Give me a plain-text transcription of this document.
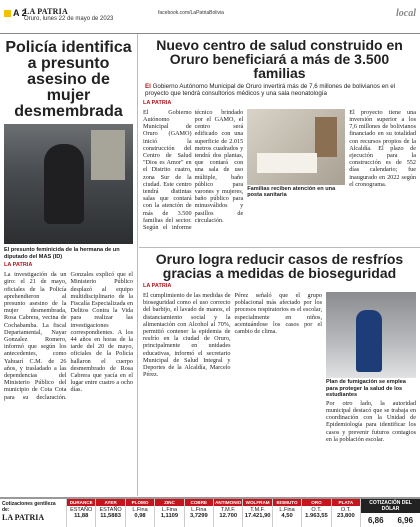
A 2
LA PATRIA
Oruro, lunes 22 de mayo de 2023
facebook.com/LaPatriaBolivia	local
Policía identifica a presunto asesino de mujer desmembrada
El presunto feminicida de la hermana de un diputado del MAS (ID)
LA PATRIA
La investigación da un giro: el 21 de mayo, oficiales de la Policía aprehendieron al presunto asesino de la mujer desmembrada, Rosa Cabrera, vecina de Cochabamba. La fiscal Departamental, Nayar Gonzalez Romero, informó que según los antecedentes, como Yahuarí C.M. de 26 años, y trasladado a las dependencias del Ministerio Público del municipio de Cota Cota para su declaración. Gonzales explicó que el Ministerio Público desplazó al equipo multidisciplinario de la Fiscalía Especializada en Delitos Contra la Vida para realizar las investigaciones correspondientes. A los 44 años en horas de la tarde del 20 de mayo, oficiales de la Policía hallaron el cuerpo desmembrado de Rosa Cabrera que yacía en el lugar entre cuatro a ocho días.
Nuevo centro de salud construido en Oruro beneficiará a más de 3.500 familias
El Gobierno Autónomo Municipal de Oruro invertirá más de 7,6 millones de bolivianos en el proyecto que tendrá consultorios médicos y una sala neonatología
LA PATRIA
El Gobierno Autónomo Municipal de Oruro (GAMO) inició la construcción del Centro de Salud "Dios es Amor" en el Distrito cuatro, zona Sur de la ciudad. Este centro tendrá distintas salas que contará con la atención de más de 3.500 familias del sector. Según el informe técnico brindado por el GAMO, el centro será edificado con una superficie de 2.015 metros cuadrados y tendrá dos plantas, que contará con una sala de uso múltiple, baño público para varones y mujeres, baño público para minusválidos y pasillos de circulación.
Familias reciben atención en una posta sanitaria
El proyecto tiene una inversión superior a los 7,6 millones de bolivianos financiado en su totalidad con recursos propios de la Alcaldía. El plazo de ejecución para la construcción es de 552 días calendario; fue inaugurado en 2022 según el cronograma.
Oruro logra reducir casos de resfríos gracias a medidas de bioseguridad
LA PATRIA
El cumplimiento de las medidas de bioseguridad como el uso correcto del barbijo, el lavado de manos, el distanciamiento social y la alimentación con Alcohol al 70%, permitió contener la epidemia de resfrío en la ciudad de Oruro, principalmente en unidades educativas, informó el secretario Municipal de Salud Integral y Deportes de la Alcaldía, Marcelo Pérez.
Pérez señaló que el grupo poblacional más afectado por los procesos respiratorios es el escolar, especialmente en niños, acentuándose los casos por el cambio de clima.
Plan de fumigación se emplea para proteger la salud de los estudiantes
Por otro lado, la autoridad municipal destacó que se trabaja en coordinación con la Unidad de Epidemiología para identificar los casos y prevenir futuros contagios en la población escolar.
Cotizaciones gentileza de:
LA PATRIA
DURANCE
ESTAÑO
11,88
AYER
ESTAÑO
11,5883
PLOMO
L.Fina
0,98
ZINC
L.Fina
1,1109
COBRE
L.Fina
3,7299
ANTIMONIO
T.M.F.
12.700
WOLFRAM
T.M.F.
17.421,90
BISMUTO
L.Fina
4,50
ORO
O.T.
1.963,55
PLATA
O.T.
23,800
COTIZACIÓN DEL DÓLAR
6,86 6,96
